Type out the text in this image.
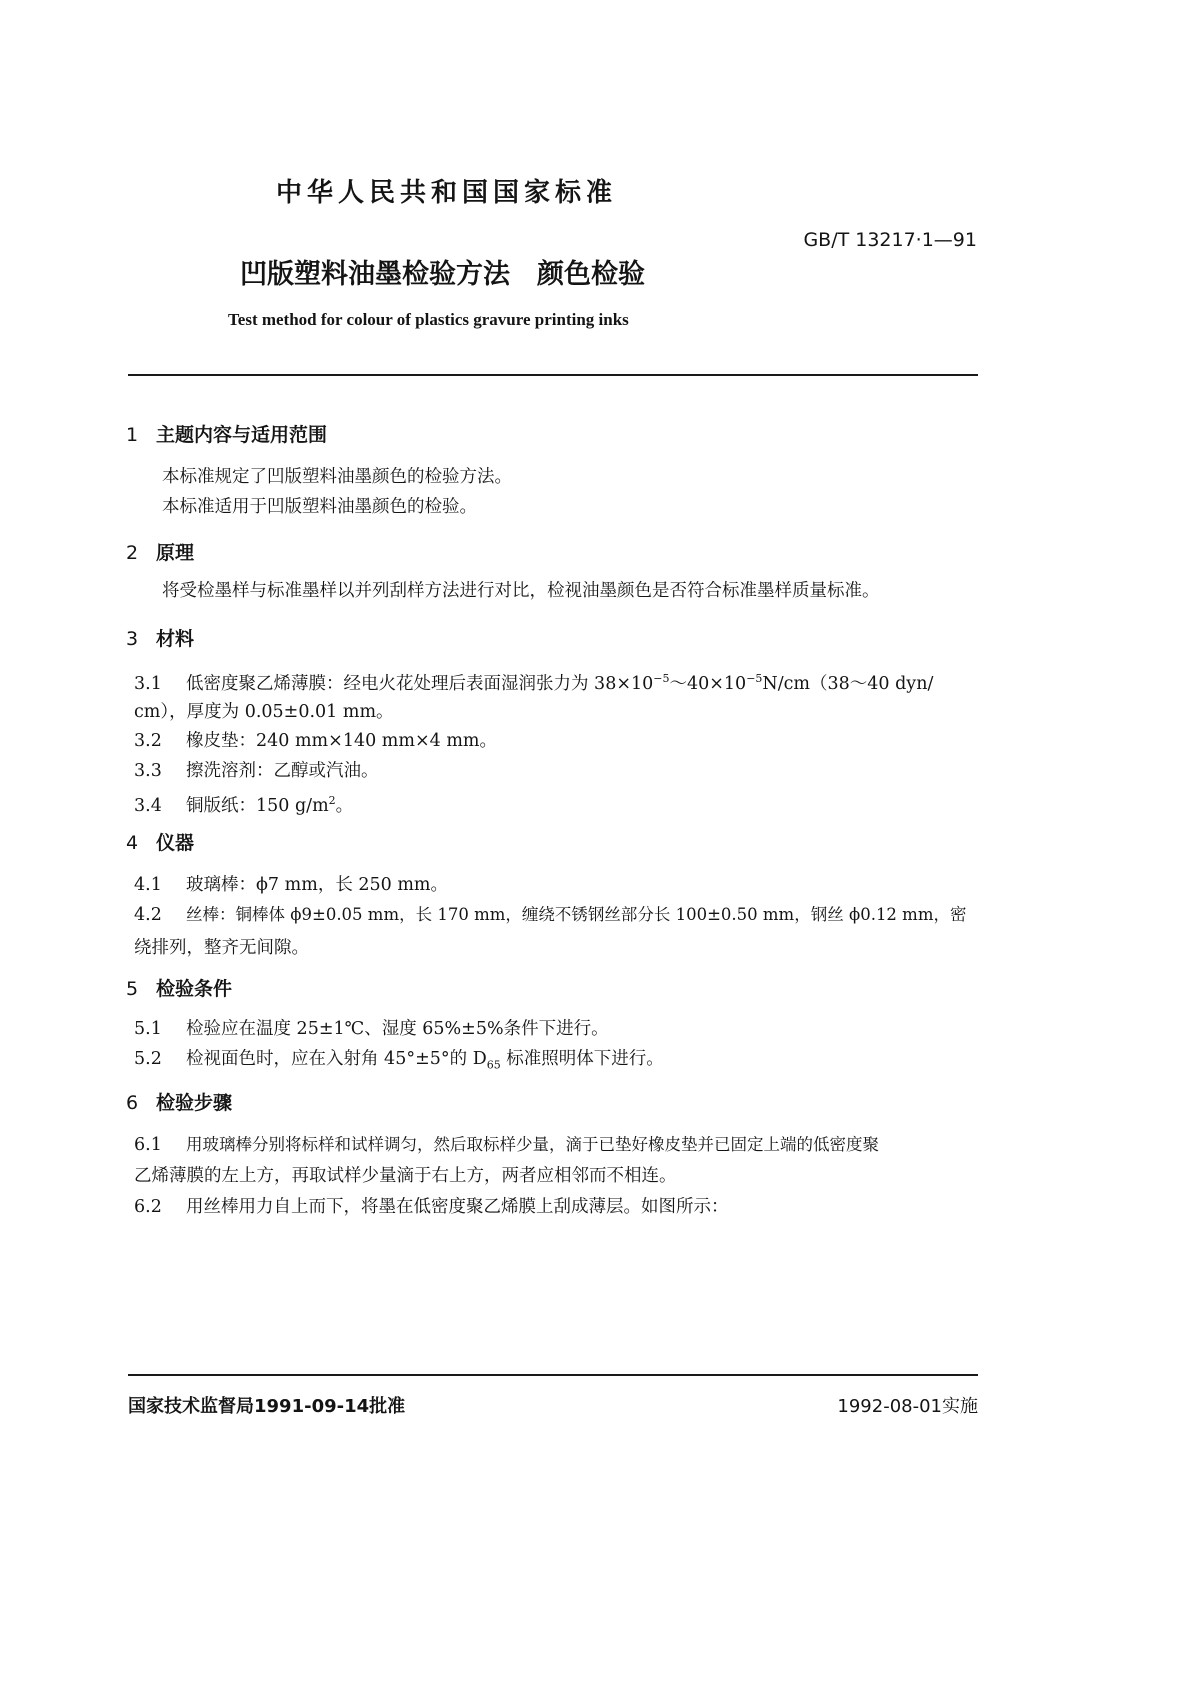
中华人民共和国国家标准
GB/T 13217·1—91
凹版塑料油墨检验方法　颜色检验
Test method for colour of plastics gravure printing inks
1 主题内容与适用范围
本标准规定了凹版塑料油墨颜色的检验方法。
本标准适用于凹版塑料油墨颜色的检验。
2 原理
将受检墨样与标准墨样以并列刮样方法进行对比，检视油墨颜色是否符合标准墨样质量标准。
3 材料
3.1 低密度聚乙烯薄膜：经电火花处理后表面湿润张力为 $38\times 10^{-5}\sim 40\times 10^{-5}N/cm(38\sim 40$ dyn/
cm），厚度为 0.05±0.01 mm。
3.2 橡皮垫：240 mm×140 mm×4 mm。
3.3 擦洗溶剂：乙醇或汽油。
3.4 铜版纸：150 $g/m^2$。
4 仪器
4.1 玻璃棒：ϕ7 mm，长 250 mm。
4.2 丝棒：铜棒体 ϕ9±0.05 mm，长 170 mm，缠绕不锈钢丝部分长 100±0.50 mm，钢丝 ϕ0.12 mm，密
绕排列，整齐无间隙。
5 检验条件
5.1 检验应在温度 25±1℃、湿度 65%±5%条件下进行。
5.2 检视面色时，应在入射角 45°±5°的 $D_{65}$ 标准照明体下进行。
6 检验步骤
6.1 用玻璃棒分别将标样和试样调匀，然后取标样少量，滴于已垫好橡皮垫并已固定上端的低密度聚
乙烯薄膜的左上方，再取试样少量滴于右上方，两者应相邻而不相连。
6.2 用丝棒用力自上而下，将墨在低密度聚乙烯膜上刮成薄层。如图所示：
国家技术监督局1991-09-14批准	1992-08-01实施
